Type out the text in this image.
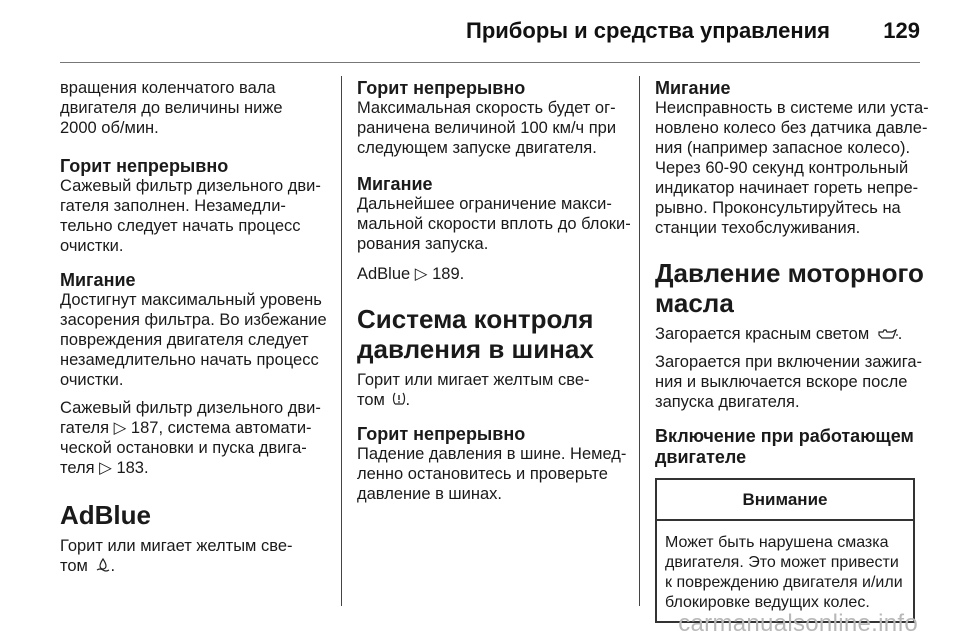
Приборы и средства управления 129
вращения коленчатого вала
двигателя до величины ниже
2000 об/мин.
Горит непрерывно
Сажевый фильтр дизельного дви-
гателя заполнен. Незамедли-
тельно следует начать процесс
очистки.
Мигание
Достигнут максимальный уровень
засорения фильтра. Во избежание
повреждения двигателя следует
незамедлительно начать процесс
очистки.
Сажевый фильтр дизельного дви-
гателя ▷ 187, система автомати-
ческой остановки и пуска двига-
теля ▷ 183.
AdBlue
Горит или мигает желтым све-
том .
Горит непрерывно
Максимальная скорость будет ог-
раничена величиной 100 км/ч при
следующем запуске двигателя.
Мигание
Дальнейшее ограничение макси-
мальной скорости вплоть до блоки-
рования запуска.
AdBlue ▷ 189.
Система контроля
давления в шинах
Горит или мигает желтым све-
том .
Горит непрерывно
Падение давления в шине. Немед-
ленно остановитесь и проверьте
давление в шинах.
Мигание
Неисправность в системе или уста-
новлено колесо без датчика давле-
ния (например запасное колесо).
Через 60-90 секунд контрольный
индикатор начинает гореть непре-
рывно. Проконсультируйтесь на
станции техобслуживания.
Давление моторного
масла
Загорается красным светом .
Загорается при включении зажига-
ния и выключается вскоре после
запуска двигателя.
Включение при работающем
двигателе
Внимание
Может быть нарушена смазка
двигателя. Это может привести
к повреждению двигателя и/или
блокировке ведущих колес.
carmanualsonline.info
